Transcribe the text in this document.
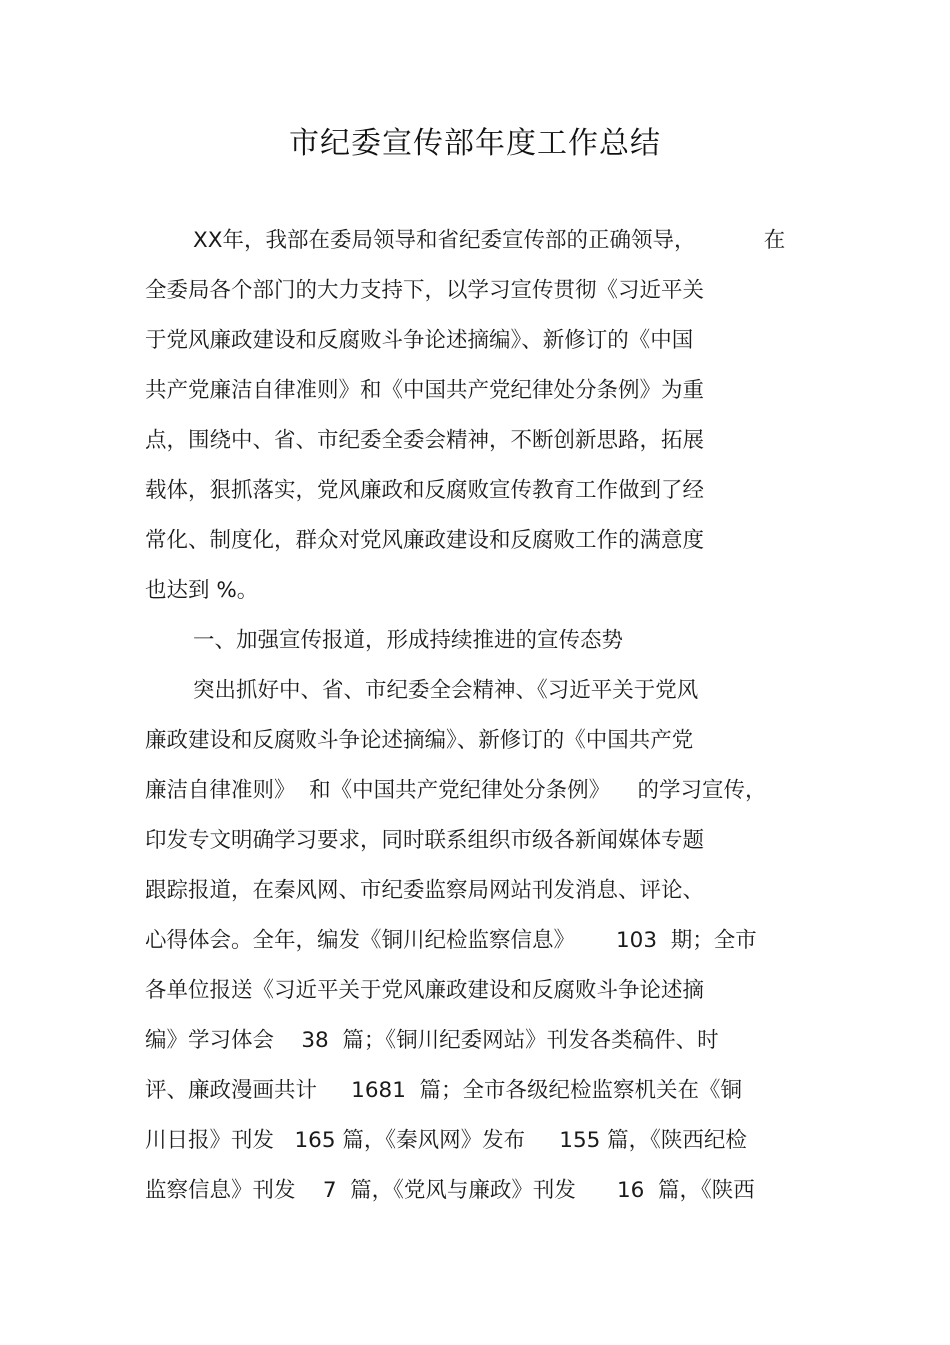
市纪委宣传部年度工作总结
XX年，我部在委局领导和省纪委宣传部的正确领导，          在
全委局各个部门的大力支持下，以学习宣传贯彻《习近平关
于党风廉政建设和反腐败斗争论述摘编》、新修订的《中国
共产党廉洁自律准则》和《中国共产党纪律处分条例》为重
点，围绕中、省、市纪委全委会精神，不断创新思路，拓展
载体，狠抓落实，党风廉政和反腐败宣传教育工作做到了经
常化、制度化，群众对党风廉政建设和反腐败工作的满意度
也达到 %。
一、加强宣传报道，形成持续推进的宣传态势
突出抓好中、省、市纪委全会精神、《习近平关于党风
廉政建设和反腐败斗争论述摘编》、新修订的《中国共产党
廉洁自律准则》  和《中国共产党纪律处分条例》    的学习宣传，
印发专文明确学习要求，同时联系组织市级各新闻媒体专题
跟踪报道，在秦风网、市纪委监察局网站刊发消息、评论、
心得体会。全年，编发《铜川纪检监察信息》      103  期；全市
各单位报送《习近平关于党风廉政建设和反腐败斗争论述摘
编》学习体会    38  篇；《铜川纪委网站》刊发各类稿件、时
评、廉政漫画共计     1681  篇；全市各级纪检监察机关在《铜
川日报》刊发   165 篇，《秦风网》发布     155 篇，《陕西纪检
监察信息》刊发    7  篇，《党风与廉政》刊发      16  篇，《陕西
